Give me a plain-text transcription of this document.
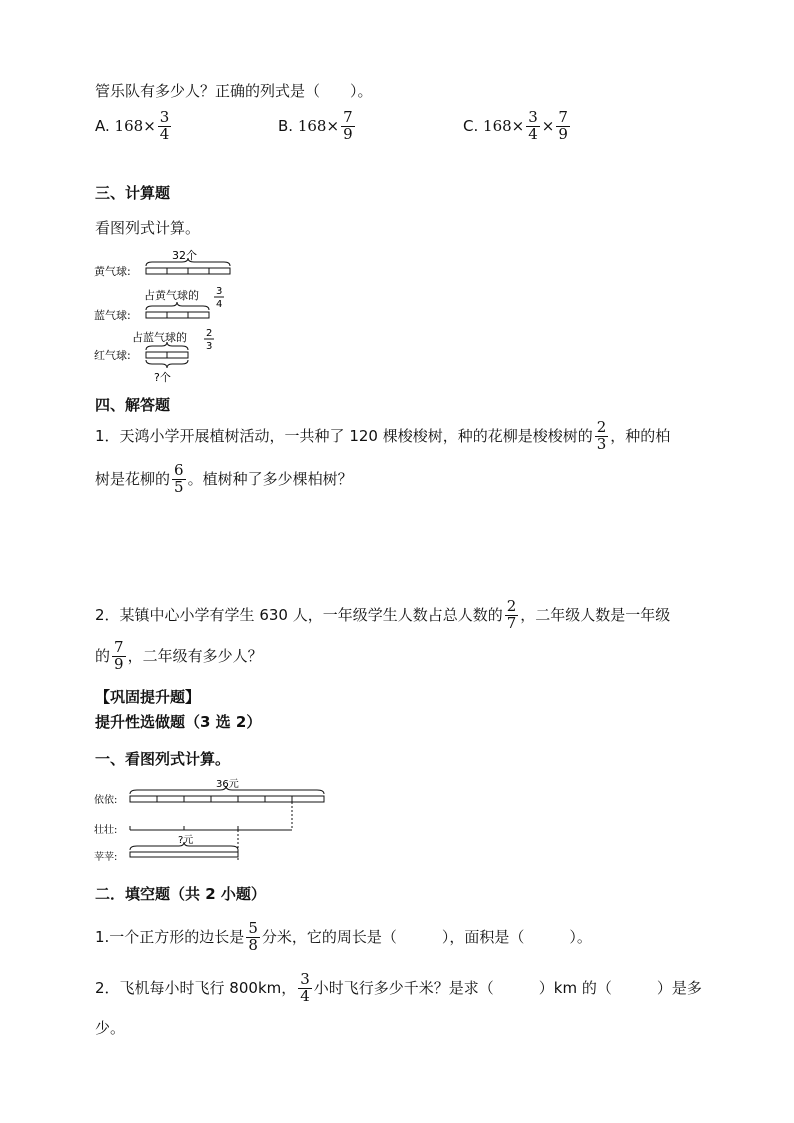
管乐队有多少人？正确的列式是（　　）。
A. $168\times \frac{3}{4}$	B. $168\times \frac{7}{9}$	C. $168\times \frac{3}{4} \times \frac{7}{9}$
三、计算题
看图列式计算。
32个
黄气球:
占黄气球的 3
4
蓝气球:
占蓝气球的 2
3
红气球:
?个
四、解答题
1．天鸿小学开展植树活动，一共种了 120 棵梭梭树，种的花柳是梭梭树的 $\frac{2}{3}$ ，种的柏
树是花柳的 $\frac{6}{5}$ 。植树种了多少棵柏树？
2．某镇中心小学有学生 630 人，一年级学生人数占总人数的 $\frac{2}{7}$ ，二年级人数是一年级
的 $\frac{7}{9}$ ，二年级有多少人？
【巩固提升题】
提升性选做题（3 选 2）
一、看图列式计算。
36元
依依:
壮壮:
?元
苹苹:
二．填空题（共 2 小题）
1.一个正方形的边长是 $\frac{5}{8}$ 分米，它的周长是（　　　），面积是（　　　）。
2．飞机每小时飞行 800km， $\frac{3}{4}$ 小时飞行多少千米？是求（　　　）km 的（　　　）是多
少。
